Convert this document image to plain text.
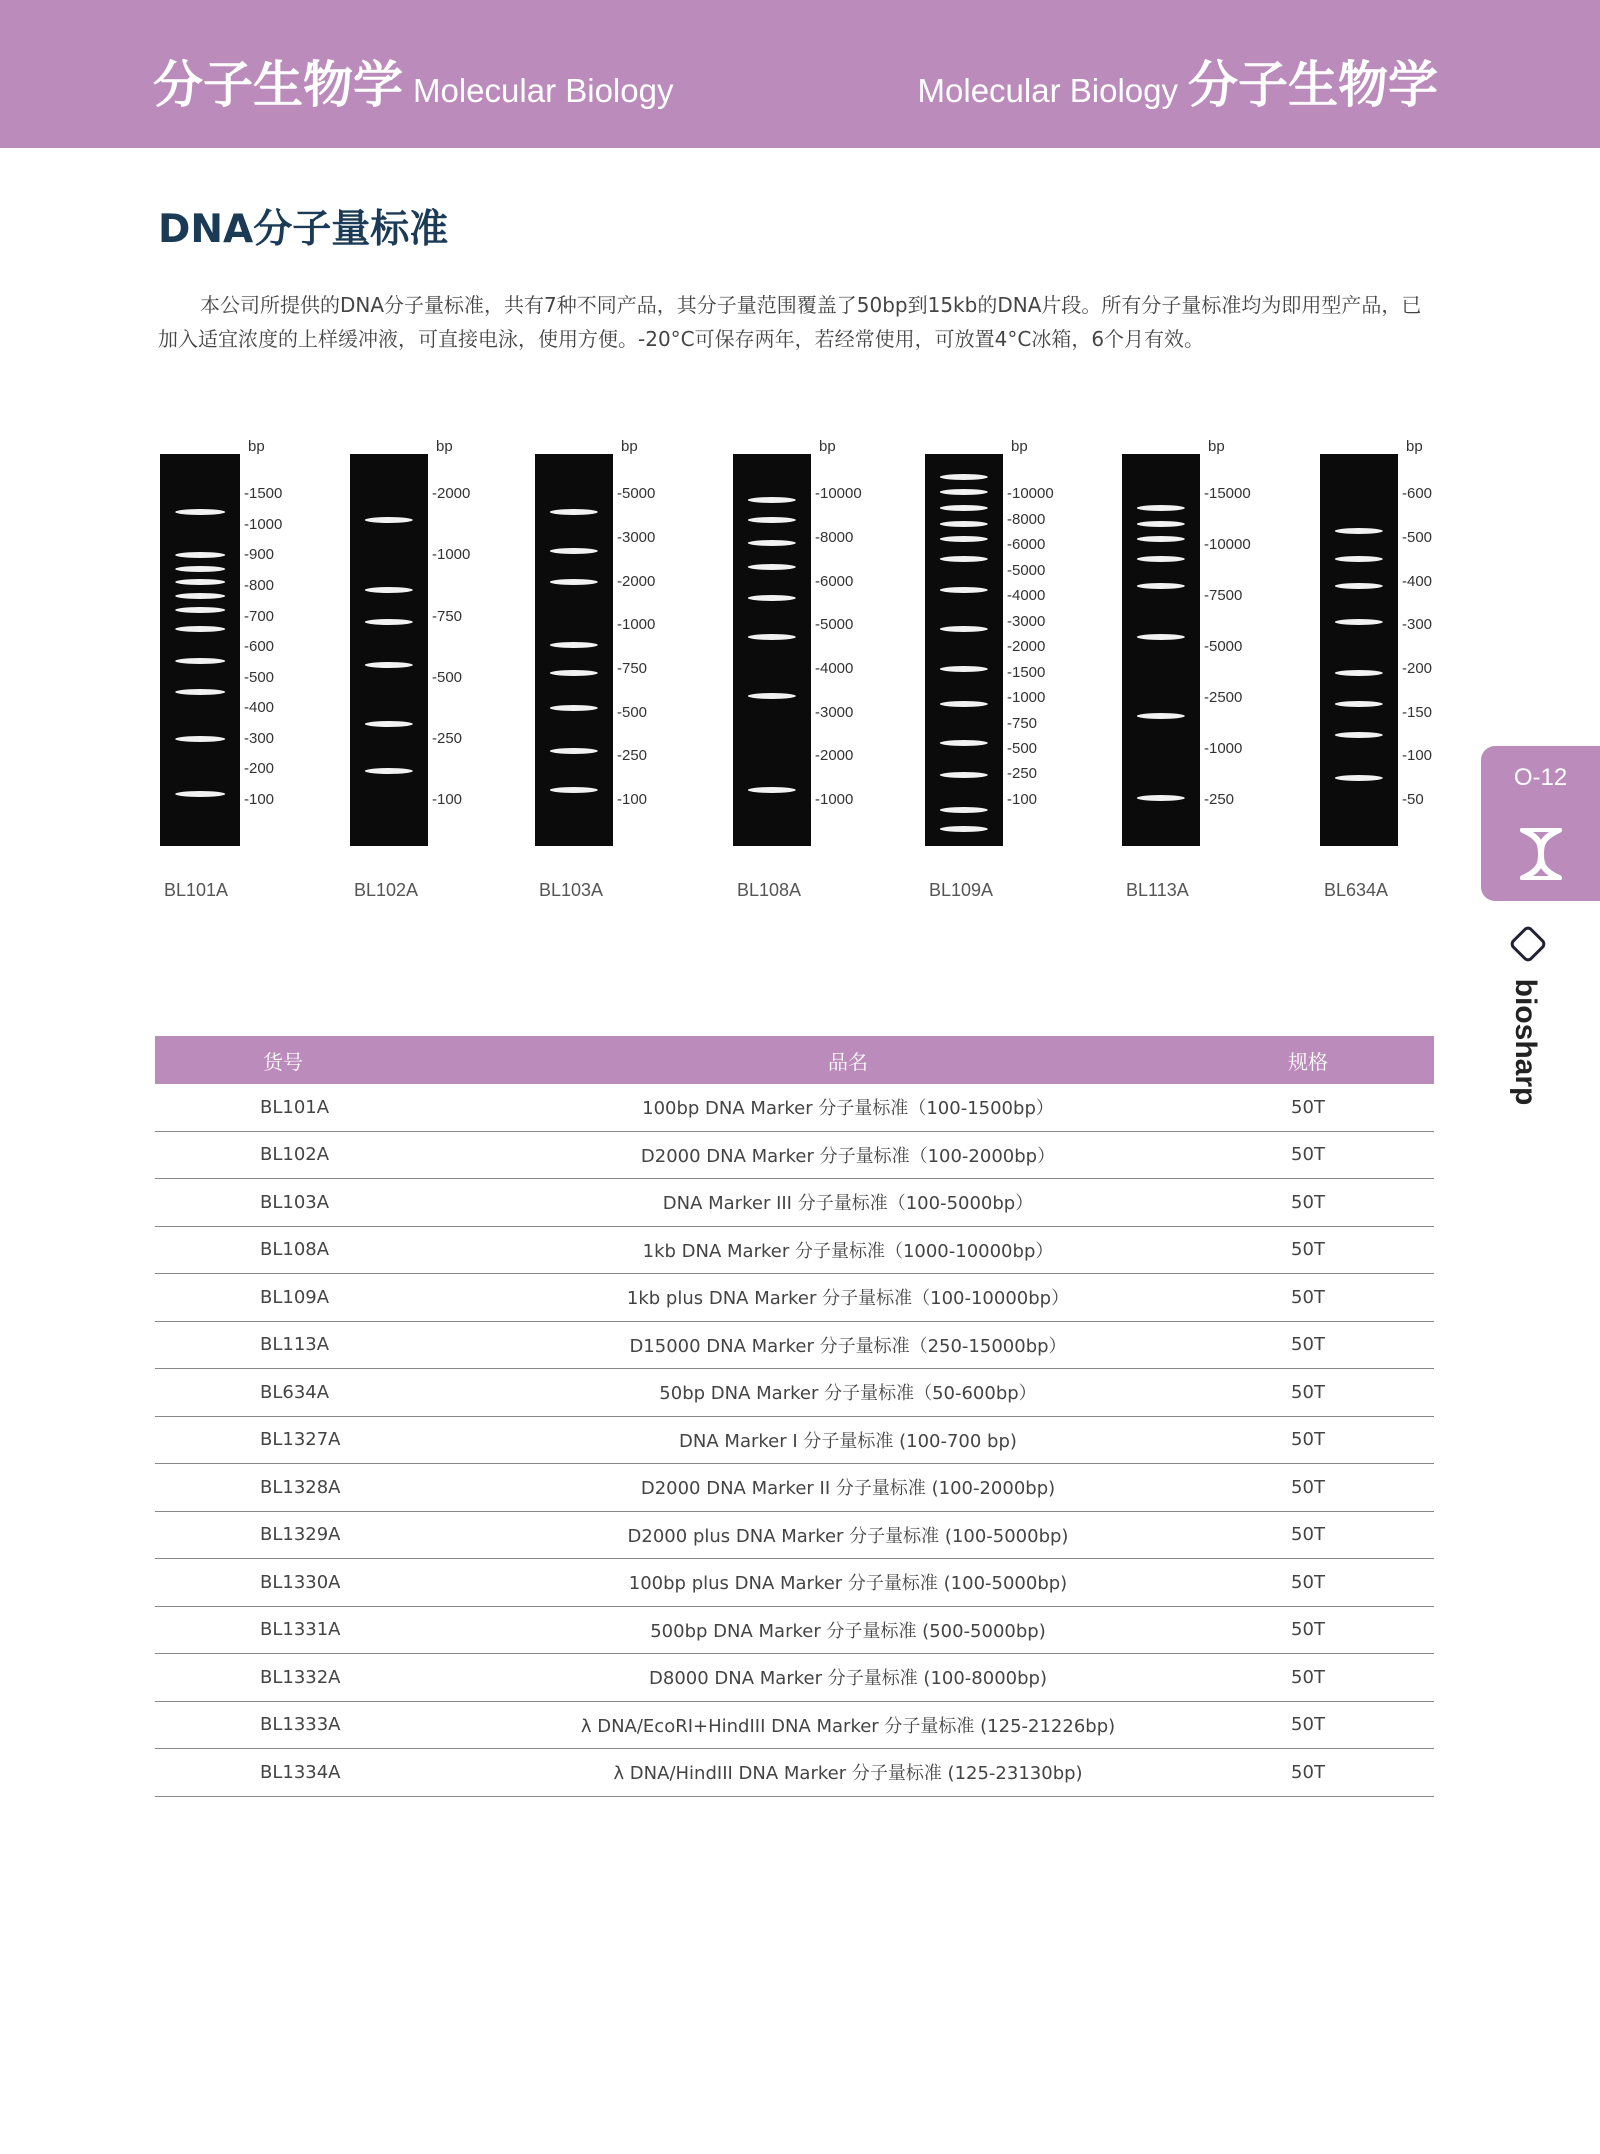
分子生物学 Molecular Biology	Molecular Biology 分子生物学
DNA分子量标准
本公司所提供的DNA分子量标准，共有7种不同产品，其分子量范围覆盖了50bp到15kb的DNA片段。所有分子量标准均为即用型产品，已加入适宜浓度的上样缓冲液，可直接电泳，使用方便。-20°C可保存两年，若经常使用，可放置4°C冰箱，6个月有效。
bp
-1500
-1000
-900
-800
-700
-600
-500
-400
-300
-200
-100
BL101A
bp
-2000
-1000
-750
-500
-250
-100
BL102A
bp
-5000
-3000
-2000
-1000
-750
-500
-250
-100
BL103A
bp
-10000
-8000
-6000
-5000
-4000
-3000
-2000
-1000
BL108A
bp
-10000
-8000
-6000
-5000
-4000
-3000
-2000
-1500
-1000
-750
-500
-250
-100
BL109A
bp
-15000
-10000
-7500
-5000
-2500
-1000
-250
BL113A
bp
-600
-500
-400
-300
-200
-150
-100
-50
BL634A
O-12
biosharp
货号	品名	规格
BL101A	100bp DNA Marker 分子量标准（100-1500bp）	50T
BL102A	D2000 DNA Marker 分子量标准（100-2000bp）	50T
BL103A	DNA Marker III 分子量标准（100-5000bp）	50T
BL108A	1kb DNA Marker 分子量标准（1000-10000bp）	50T
BL109A	1kb plus DNA Marker 分子量标准（100-10000bp）	50T
BL113A	D15000 DNA Marker 分子量标准（250-15000bp）	50T
BL634A	50bp DNA Marker 分子量标准（50-600bp）	50T
BL1327A	DNA Marker I 分子量标准 (100-700 bp)	50T
BL1328A	D2000 DNA Marker II 分子量标准 (100-2000bp)	50T
BL1329A	D2000 plus DNA Marker 分子量标准 (100-5000bp)	50T
BL1330A	100bp plus DNA Marker 分子量标准 (100-5000bp)	50T
BL1331A	500bp DNA Marker 分子量标准 (500-5000bp)	50T
BL1332A	D8000 DNA Marker 分子量标准 (100-8000bp)	50T
BL1333A	λ DNA/EcoRI+HindIII DNA Marker 分子量标准 (125-21226bp)	50T
BL1334A	λ DNA/HindIII DNA Marker 分子量标准 (125-23130bp)	50T
